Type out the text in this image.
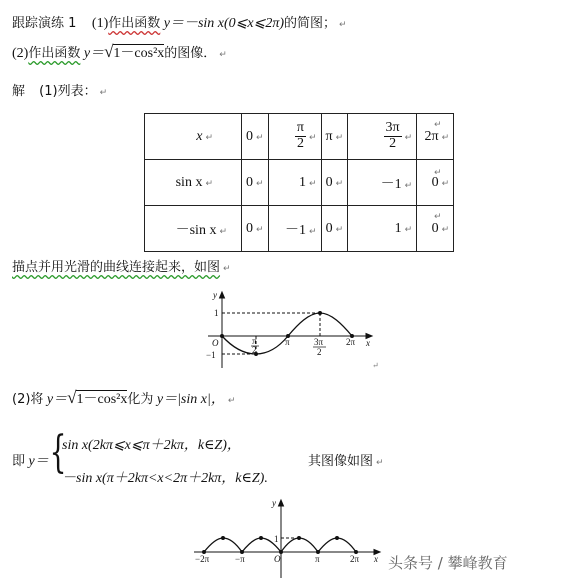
跟踪演练 1 (1)作出函数 y＝－sin x(0⩽x⩽2π)的简图； ↵
(2)作出函数 y＝√1－cos²x的图像． ↵
解 (1)列表： ↵
x ↵	0 ↵	$\frac{\pi}{2}$ ↵	π ↵	$\frac{3\pi}{2}$ ↵	2π ↵
sin x ↵	0 ↵	1 ↵	0 ↵	－1 ↵	0 ↵
－sin x ↵	0 ↵	－1 ↵	0 ↵	1 ↵	0 ↵
↵
↵
↵
描点并用光滑的曲线连接起来，如图 ↵
y
x
1
−1
O	π
2
π	3π
2
2π
↵
(2)将 y＝√1－cos²x化为 y＝|sin x|， ↵
即 y＝ {
sin x(2kπ⩽x⩽π＋2kπ，k∈Z)，
－sin x(π＋2kπ<x<2π＋2kπ，k∈Z).
其图像如图 ↵
y
x
1
−2π	−π	O	π	2π 头条号 / 攀峰教育
